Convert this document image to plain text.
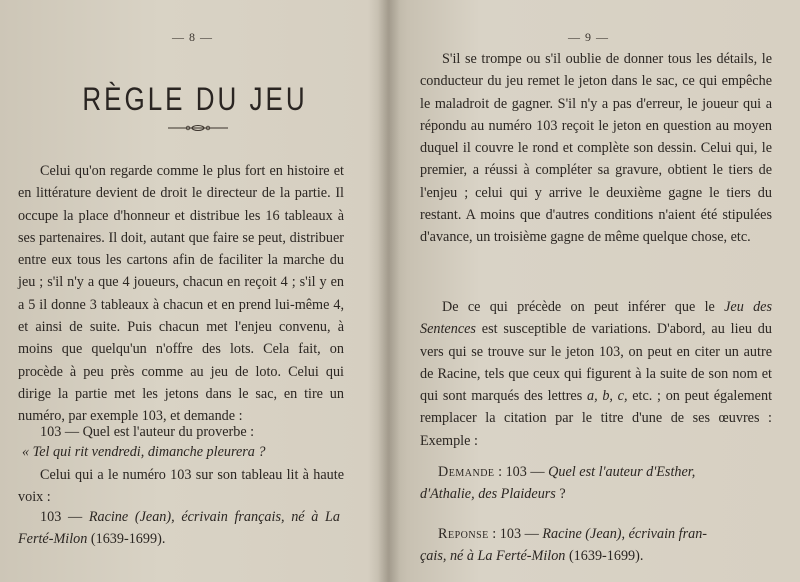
— 8 —
RÈGLE DU JEU

Celui qu'on regarde comme le plus fort en histoire et en littérature devient de droit le directeur de la partie. Il occupe la place d'honneur et distribue les 16 tableaux à ses partenaires. Il doit, autant que faire se peut, distribuer entre eux tous les cartons afin de faciliter la marche du jeu ; s'il n'y a que 4 joueurs, chacun en reçoit 4 ; s'il y en a 5 il donne 3 tableaux à chacun et en prend lui-même 4, et ainsi de suite. Puis chacun met l'enjeu convenu, à moins que quelqu'un n'offre des lots. Cela fait, on procède à peu près comme au jeu de loto. Celui qui dirige la partie met les jetons dans le sac, en tire un numéro, par exemple 103, et demande :

103 — Quel est l'auteur du proverbe :
« Tel qui rit vendredi, dimanche pleurera ?

Celui qui a le numéro 103 sur son tableau lit à haute voix :

103 — Racine (Jean), écrivain français, né à La Ferté-Milon (1639-1699).

— 9 —

S'il se trompe ou s'il oublie de donner tous les détails, le conducteur du jeu remet le jeton dans le sac, ce qui empêche le maladroit de gagner. S'il n'y a pas d'erreur, le joueur qui a répondu au numéro 103 reçoit le jeton en question au moyen duquel il couvre le rond et complète son dessin. Celui qui, le premier, a réussi à compléter sa gravure, obtient le tiers de l'enjeu ; celui qui y arrive le deuxième gagne le tiers du restant. A moins que d'autres conditions n'aient été stipulées d'avance, un troisième gagne de même quelque chose, etc.

De ce qui précède on peut inférer que le Jeu des Sentences est susceptible de variations. D'abord, au lieu du vers qui se trouve sur le jeton 103, on peut en citer un autre de Racine, tels que ceux qui figurent à la suite de son nom et qui sont marqués des lettres a, b, c, etc. ; on peut également remplacer la citation par le titre d'une de ses œuvres : Exemple :

Demande : 103 — Quel est l'auteur d'Esther,
d'Athalie, des Plaideurs ?
Reponse : 103 — Racine (Jean), écrivain fran-
çais, né à La Ferté-Milon (1639-1699).
